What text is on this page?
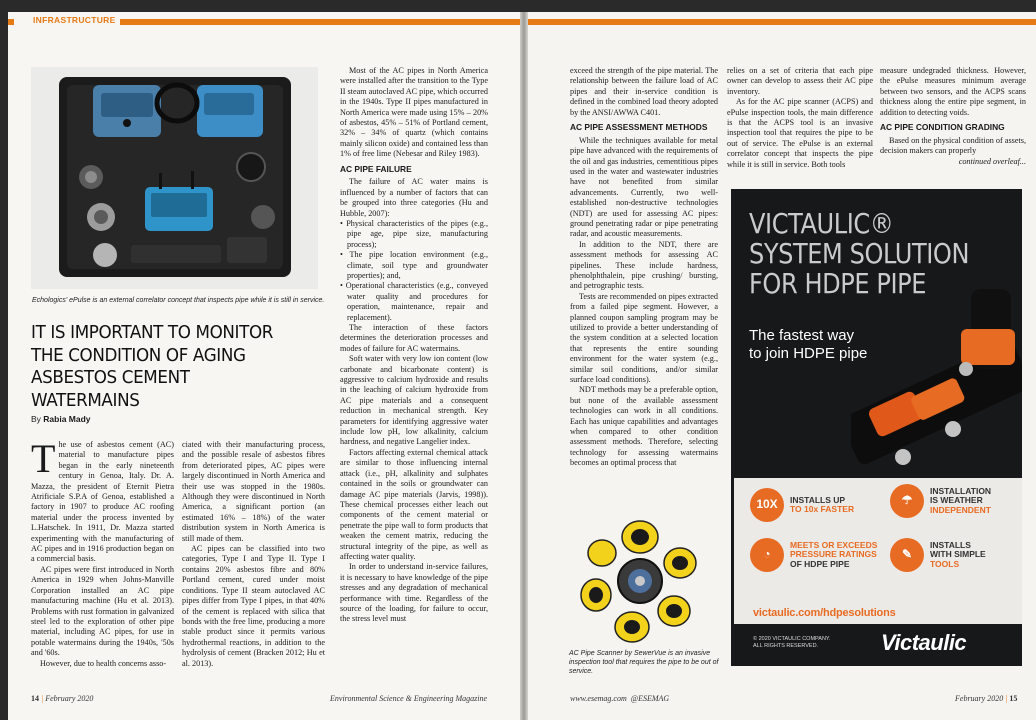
INFRASTRUCTURE
Echologics' ePulse is an external correlator concept that inspects pipe while it is still in service.
IT IS IMPORTANT TO MONITOR THE CONDITION OF AGING ASBESTOS CEMENT WATERMAINS
By Rabia Mady

The use of asbestos cement (AC) material to manufacture pipes began in the early nineteenth century in Genoa, Italy. Dr. A. Mazza, the president of Eternit Pietra Atrificiale S.P.A of Genoa, established a factory in 1907 to produce AC roofing material under the process invented by L.Hatschek. In 1911, Dr. Mazza started experimenting with the manufacturing of AC pipes and in 1916 production began on a commercial basis.

AC pipes were first introduced in North America in 1929 when Johns-Manville Corporation installed an AC pipe manufacturing machine (Hu et al. 2013). Problems with rust formation in galvanized steel led to the exploration of other pipe material, including AC pipes, for use in potable watermains during the 1940s, '50s and '60s.

However, due to health concerns asso-

ciated with their manufacturing process, and the possible resale of asbestos fibres from deteriorated pipes, AC pipes were largely discontinued in North America and their use was stopped in the 1980s. Although they were discontinued in North America, a significant portion (an estimated 16% – 18%) of the water distribution system in North America is still made of them.

AC pipes can be classified into two categories, Type I and Type II. Type I contains 20% asbestos fibre and 80% Portland cement, cured under moist conditions. Type II steam autoclaved AC pipes differ from Type I pipes, in that 40% of the cement is replaced with silica that bonds with the free lime, producing a more stable product since it permits various hydrothermal reactions, in addition to the hydrolysis of cement (Bracken 2012; Hu et al. 2013).

Most of the AC pipes in North America were installed after the transition to the Type II steam autoclaved AC pipe, which occurred in the 1940s. Type II pipes manufactured in North America were made using 15% – 20% of asbestos, 45% – 51% of Portland cement, 32% – 34% of quartz (which contains mainly silicon oxide) and contained less than 1% of free lime (Nebesar and Riley 1983).

AC PIPE FAILURE

The failure of AC water mains is influenced by a number of factors that can be grouped into three categories (Hu and Hubble, 2007):

• Physical characteristics of the pipes (e.g., pipe age, pipe size, manufacturing process);
• The pipe location environment (e.g., climate, soil type and groundwater properties); and,
• Operational characteristics (e.g., conveyed water quality and procedures for operation, maintenance, repair and replacement).

The interaction of these factors determines the deterioration processes and modes of failure for AC watermains.

Soft water with very low ion content (low carbonate and bicarbonate content) is aggressive to calcium hydroxide and results in the leaching of calcium hydroxide from AC pipe materials and a consequent reduction in mechanical strength. Key parameters for identifying aggressive water include low pH, low alkalinity, calcium hardness, and negative Langelier index.

Factors affecting external chemical attack are similar to those influencing internal attack (i.e., pH, alkalinity and sulphates contained in the soils or groundwater can damage AC pipe materials (Jarvis, 1998)). These chemical processes either leach out components of the cement material or penetrate the pipe wall to form products that weaken the cement matrix, reducing the structural integrity of the pipe, as well as affecting water quality.

In order to understand in-service failures, it is necessary to have knowledge of the pipe stresses and any degradation of mechanical performance with time. Regardless of the source of the loading, for failure to occur, the stress level must

exceed the strength of the pipe material. The relationship between the failure load of AC pipes and their in-service condition is defined in the combined load theory adopted by the ANSI/AWWA C401.

AC PIPE ASSESSMENT METHODS

While the techniques available for metal pipe have advanced with the requirements of the oil and gas industries, cementitious pipes used in the water and wastewater industries have not benefited from similar advancements. Currently, two well-established non-destructive technologies (NDT) are used for assessing AC pipes: ground penetrating radar or pipe penetrating radar, and acoustic measurements.

In addition to the NDT, there are assessment methods for assessing AC pipelines. These include hardness, phenolphthalein, pipe crushing/ bursting, and petrographic tests.

Tests are recommended on pipes extracted from a failed pipe segment. However, a planned coupon sampling program may be utilized to provide a better understanding of the system condition at a selected location that represents the entire sounding environment for the water system (e.g., similar soil conditions, and/or similar surface load conditions).

NDT methods may be a preferable option, but none of the available assessment technologies can work in all conditions. Each has unique capabilities and advantages when compared to other condition assessment methods. Therefore, selecting technology for assessing watermains becomes an optimal process that

relies on a set of criteria that each pipe owner can develop to assess their AC pipe inventory.

As for the AC pipe scanner (ACPS) and ePulse inspection tools, the main difference is that the ACPS tool is an invasive inspection tool that requires the pipe to be out of service. The ePulse is an external correlator concept that inspects the pipe while it is still in service. Both tools

measure undegraded thickness. However, the ePulse measures minimum average between two sensors, and the ACPS scans thickness along the entire pipe segment, in addition to detecting voids.

AC PIPE CONDITION GRADING

Based on the physical condition of assets, decision makers can properly

continued overleaf...
AC Pipe Scanner by SewerVue is an invasive inspection tool that requires the pipe to be out of service.
VICTAULIC® SYSTEM SOLUTION FOR HDPE PIPE
The fastest way
to join HDPE pipe
10X	INSTALLS UP
TO 10x FASTER
☂
INSTALLATION
IS WEATHER
INDEPENDENT
◔
MEETS OR EXCEEDS
PRESSURE RATINGS
OF HDPE PIPE
✎
INSTALLS
WITH SIMPLE
TOOLS
victaulic.com/hdpesolutions
© 2020 VICTAULIC COMPANY.
ALL RIGHTS RESERVED.	Victaulic
14 | February 2020	Environmental Science & Engineering Magazine	www.esemag.com @ESEMAG	February 2020 | 15
